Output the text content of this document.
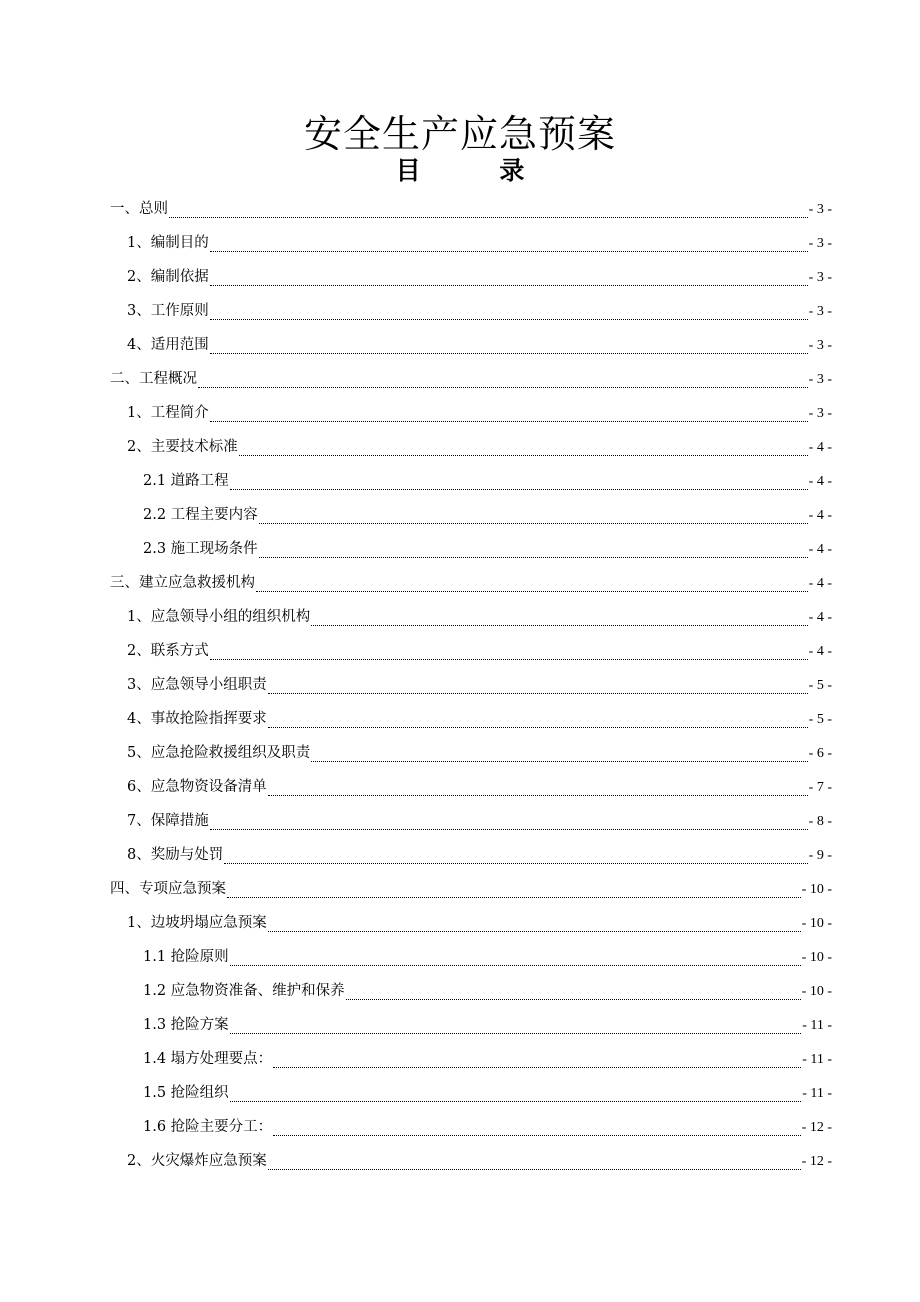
安全生产应急预案
目 录
一、总则	- 3 -
1、编制目的	- 3 -
2、编制依据	- 3 -
3、工作原则	- 3 -
4、适用范围	- 3 -
二、工程概况	- 3 -
1、工程简介	- 3 -
2、主要技术标准	- 4 -
2.1 道路工程	- 4 -
2.2 工程主要内容	- 4 -
2.3 施工现场条件	- 4 -
三、建立应急救援机构	- 4 -
1、应急领导小组的组织机构	- 4 -
2、联系方式	- 4 -
3、应急领导小组职责	- 5 -
4、事故抢险指挥要求	- 5 -
5、应急抢险救援组织及职责	- 6 -
6、应急物资设备清单	- 7 -
7、保障措施	- 8 -
8、奖励与处罚	- 9 -
四、专项应急预案	- 10 -
1、边坡坍塌应急预案	- 10 -
1.1 抢险原则	- 10 -
1.2 应急物资准备、维护和保养	- 10 -
1.3 抢险方案	- 11 -
1.4 塌方处理要点：	- 11 -
1.5 抢险组织	- 11 -
1.6 抢险主要分工：	- 12 -
2、火灾爆炸应急预案	- 12 -
